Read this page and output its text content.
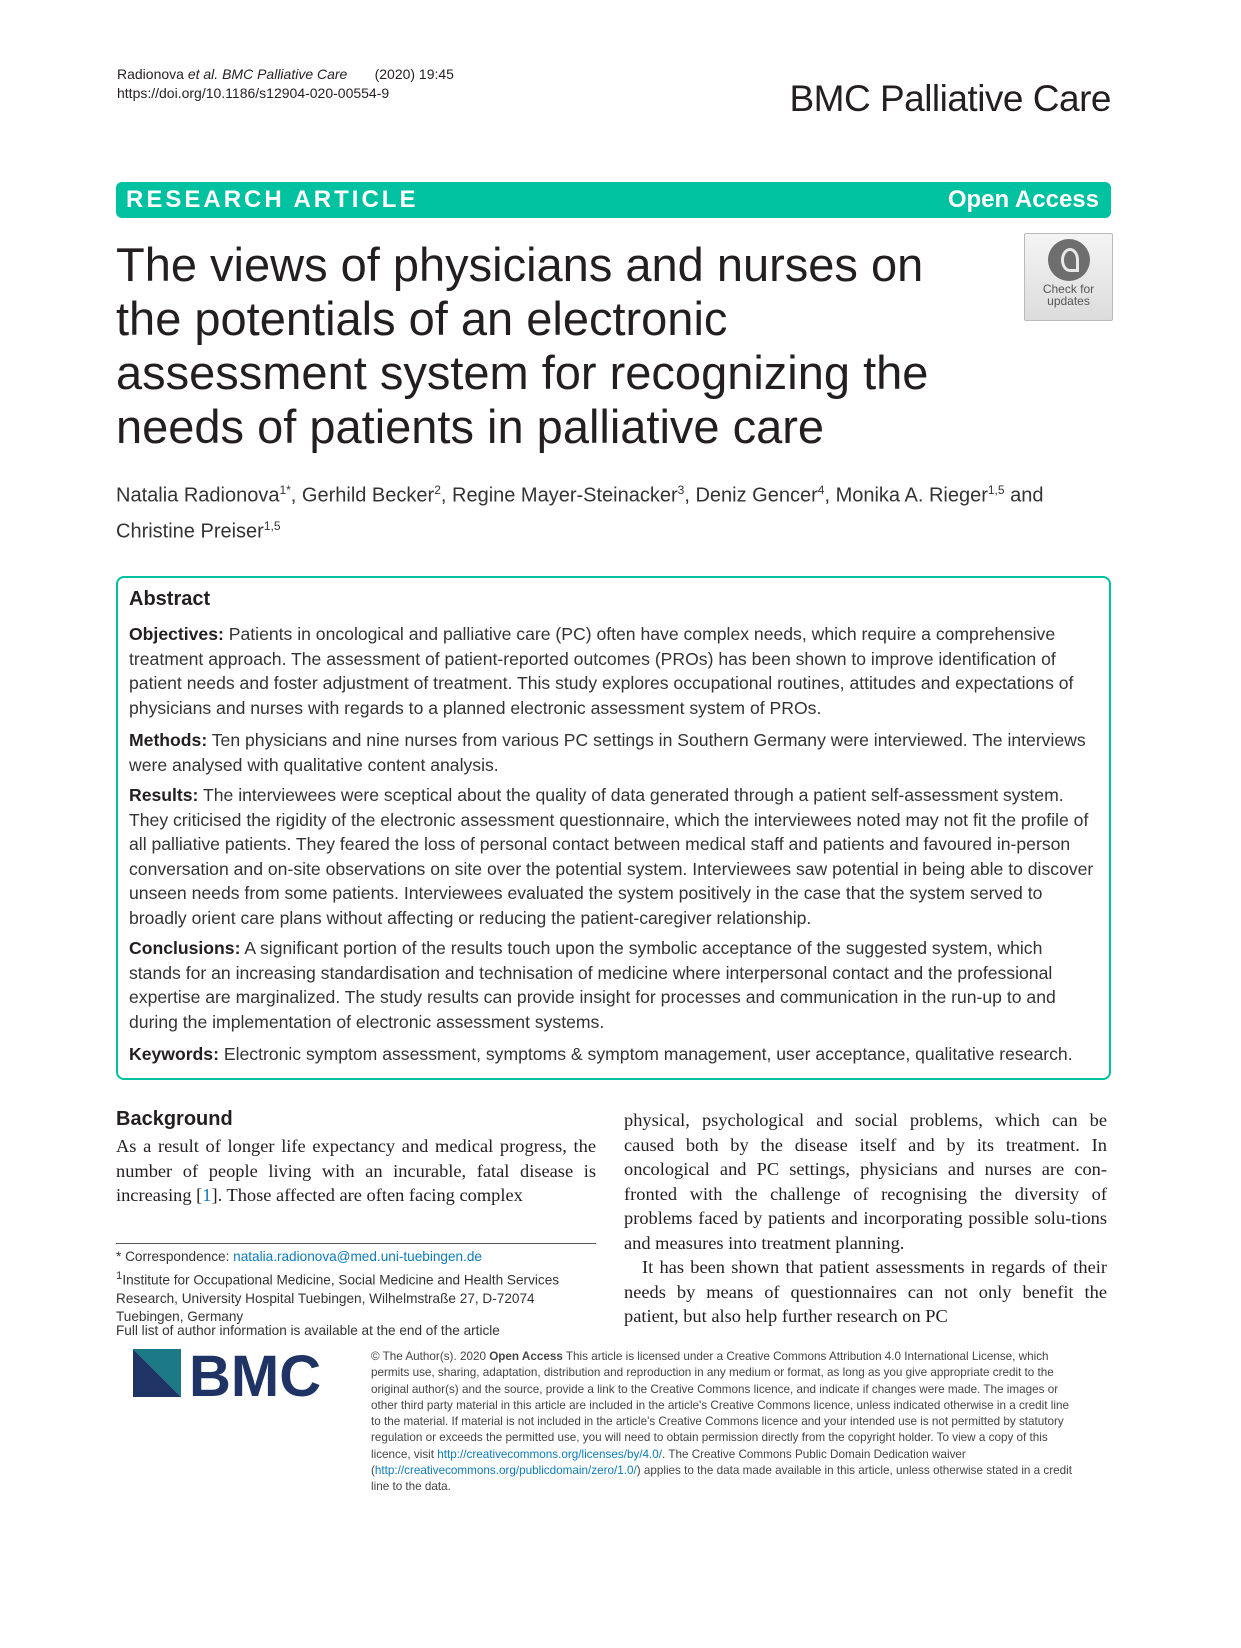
Radionova et al. BMC Palliative Care (2020) 19:45
https://doi.org/10.1186/s12904-020-00554-9	BMC Palliative Care
RESEARCH ARTICLE	Open Access
The views of physicians and nurses on the potentials of an electronic assessment system for recognizing the needs of patients in palliative care
Check for
updates
Natalia Radionova$^{1*}$, Gerhild Becker$^2$, Regine Mayer-Steinacker$^3$, Deniz Gencer$^4$, Monika A. Rieger$^{1,5}$ and
Christine Preiser$^{1,5}$
Abstract
Objectives: Patients in oncological and palliative care (PC) often have complex needs, which require a comprehensive treatment approach. The assessment of patient-reported outcomes (PROs) has been shown to improve identification of patient needs and foster adjustment of treatment. This study explores occupational routines, attitudes and expectations of physicians and nurses with regards to a planned electronic assessment system of PROs.
Methods: Ten physicians and nine nurses from various PC settings in Southern Germany were interviewed. The interviews were analysed with qualitative content analysis.
Results: The interviewees were sceptical about the quality of data generated through a patient self-assessment system. They criticised the rigidity of the electronic assessment questionnaire, which the interviewees noted may not fit the profile of all palliative patients. They feared the loss of personal contact between medical staff and patients and favoured in-person conversation and on-site observations on site over the potential system. Interviewees saw potential in being able to discover unseen needs from some patients. Interviewees evaluated the system positively in the case that the system served to broadly orient care plans without affecting or reducing the patient-caregiver relationship.
Conclusions: A significant portion of the results touch upon the symbolic acceptance of the suggested system, which stands for an increasing standardisation and technisation of medicine where interpersonal contact and the professional expertise are marginalized. The study results can provide insight for processes and communication in the run-up to and during the implementation of electronic assessment systems.
Keywords: Electronic symptom assessment, symptoms & symptom management, user acceptance, qualitative research.
Background
As a result of longer life expectancy and medical progress, the number of people living with an incurable, fatal disease is increasing [1]. Those affected are often facing complex
physical, psychological and social problems, which can be caused both by the disease itself and by its treatment. In oncological and PC settings, physicians and nurses are con-fronted with the challenge of recognising the diversity of problems faced by patients and incorporating possible solu-tions and measures into treatment planning.
It has been shown that patient assessments in regards of their needs by means of questionnaires can not only benefit the patient, but also help further research on PC
* Correspondence: natalia.radionova@med.uni-tuebingen.de
$^1$Institute for Occupational Medicine, Social Medicine and Health Services Research, University Hospital Tuebingen, Wilhelmstraße 27, D-72074 Tuebingen, Germany
Full list of author information is available at the end of the article
BMC	© The Author(s). 2020 Open Access This article is licensed under a Creative Commons Attribution 4.0 International License, which permits use, sharing, adaptation, distribution and reproduction in any medium or format, as long as you give appropriate credit to the original author(s) and the source, provide a link to the Creative Commons licence, and indicate if changes were made. The images or other third party material in this article are included in the article's Creative Commons licence, unless indicated otherwise in a credit line to the material. If material is not included in the article's Creative Commons licence and your intended use is not permitted by statutory regulation or exceeds the permitted use, you will need to obtain permission directly from the copyright holder. To view a copy of this licence, visit http://creativecommons.org/licenses/by/4.0/. The Creative Commons Public Domain Dedication waiver (http://creativecommons.org/publicdomain/zero/1.0/) applies to the data made available in this article, unless otherwise stated in a credit line to the data.
